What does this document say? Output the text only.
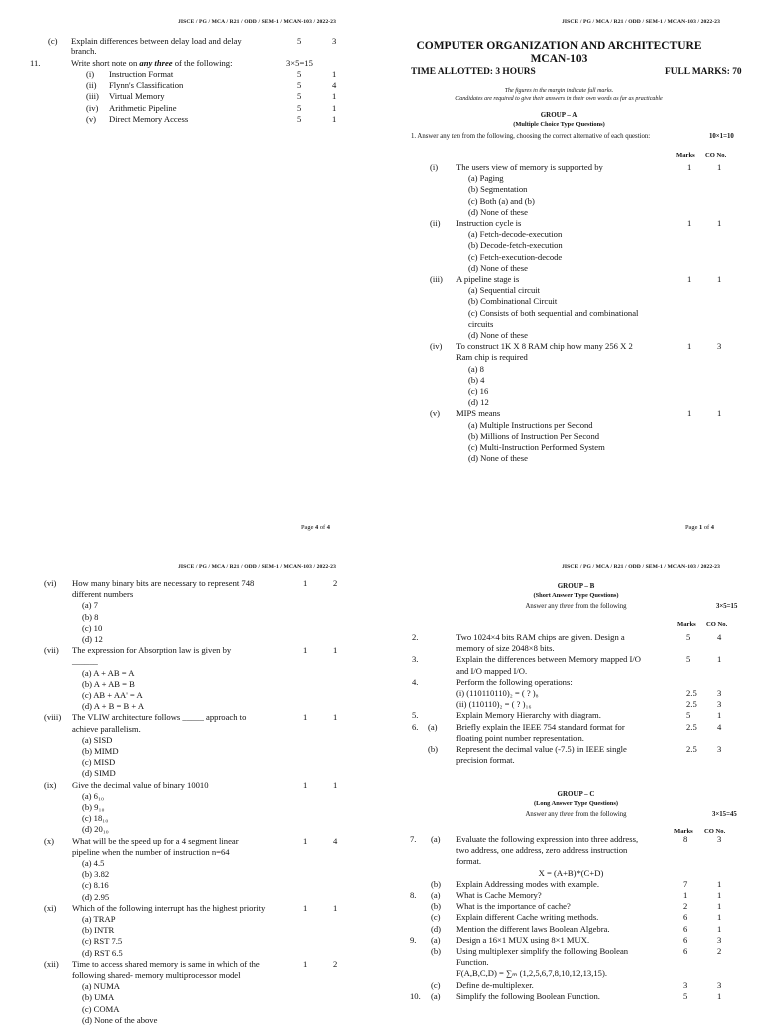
JISCE / PG / MCA / R21 / ODD / SEM-1 / MCAN-103 / 2022-23
(c) Explain differences between delay load and delay
branch.
5	3
11.	Write short note on any three of the following:	3×5=15
(i) Instruction Format	5	1
(ii) Flynn's Classification	5	4
(iii) Virtual Memory	5	1
(iv) Arithmetic Pipeline	5	1
(v) Direct Memory Access	5	1
Page 4 of 4
JISCE / PG / MCA / R21 / ODD / SEM-1 / MCAN-103 / 2022-23
COMPUTER ORGANIZATION AND ARCHITECTURE
MCAN-103
TIME ALLOTTED: 3 HOURS	FULL MARKS: 70
The figures in the margin indicate full marks.
Candidates are required to give their answers in their own words as far as practicable
GROUP – A
(Multiple Choice Type Questions)
1. Answer any ten from the following, choosing the correct alternative of each question:	10×1=10
Marks CO No.
(i)	1	1
The users view of memory is supported by
(a) Paging
(b) Segmentation
(c) Both (a) and (b)
(d) None of these
(ii)	1	1
Instruction cycle is
(a) Fetch-decode-execution
(b) Decode-fetch-execution
(c) Fetch-execution-decode
(d) None of these
(iii)	1	1
A pipeline stage is
(a) Sequential circuit
(b) Combinational Circuit
(c) Consists of both sequential and combinational
circuits
(d) None of these
(iv)	1	3
To construct 1K X 8 RAM chip how many 256 X 2
Ram chip is required
(a) 8
(b) 4
(c) 16
(d) 12
(v)	1	1
MIPS means
(a) Multiple Instructions per Second
(b) Millions of Instruction Per Second
(c) Multi-Instruction Performed System
(d) None of these
Page 1 of 4
JISCE / PG / MCA / R21 / ODD / SEM-1 / MCAN-103 / 2022-23
(vi)	1	2
How many binary bits are necessary to represent 748
different numbers
(a) 7
(b) 8
(c) 10
(d) 12
(vii)	1	1
The expression for Absorption law is given by
______
(a) A + AB = A
(b) A + AB = B
(c) AB + AA' = A
(d) A + B = B + A
(viii)	1	1
The VLIW architecture follows _____ approach to
achieve parallelism.
(a) SISD
(b) MIMD
(c) MISD
(d) SIMD
(ix)	1	1
Give the decimal value of binary 10010
(a) 6₁₀
(b) 9₁₀
(c) 18₁₀
(d) 20₁₀
(x)	1	4
What will be the speed up for a 4 segment linear
pipeline when the number of instruction n=64
(a) 4.5
(b) 3.82
(c) 8.16
(d) 2.95
(xi)	1	1
Which of the following interrupt has the highest priority
(a) TRAP
(b) INTR
(c) RST 7.5
(d) RST 6.5
(xii)	1	2
Time to access shared memory is same in which of the
following shared- memory multiprocessor model
(a) NUMA
(b) UMA
(c) COMA
(d) None of the above
JISCE / PG / MCA / R21 / ODD / SEM-1 / MCAN-103 / 2022-23
GROUP – B
(Short Answer Type Questions)
Answer any three from the following	3×5=15
Marks CO No.
2.	5	4
Two 1024×4 bits RAM chips are given. Design a
memory of size 2048×8 bits.
3.	5	1
Explain the differences between Memory mapped I/O
and I/O mapped I/O.
4.	Perform the following operations:
2.5 3
(i) (110110110)₂ = ( ? )₈
2.5 3
(ii) (110110)₂ = ( ? )₁₆
5.	5	1
Explain Memory Hierarchy with diagram.
6. (a)	2.5 4
Briefly explain the IEEE 754 standard format for
floating point number representation.
(b)	2.5 3
Represent the decimal value (-7.5) in IEEE single
precision format.
GROUP – C
(Long Answer Type Questions)
Answer any three from the following	3×15=45
Marks CO No.
7. (a)	8	3
Evaluate the following expression into three address,
two address, one address, zero address instruction
format.
X = (A+B)*(C+D)
(b)	7	1
Explain Addressing modes with example.
8. (a)	1	1
What is Cache Memory?
(b)	2	1
What is the importance of cache?
(c)	6	1
Explain different Cache writing methods.
(d)	6	1
Mention the different laws Boolean Algebra.
9. (a)	6	3
Design a 16×1 MUX using 8×1 MUX.
(b)	6	2
Using multiplexer simplify the following Boolean
Function.
F(A,B,C,D) = ∑ₘ (1,2,5,6,7,8,10,12,13,15).
(c)	3	3
Define de-multiplexer.
10. (a)	5	1
Simplify the following Boolean Function.
